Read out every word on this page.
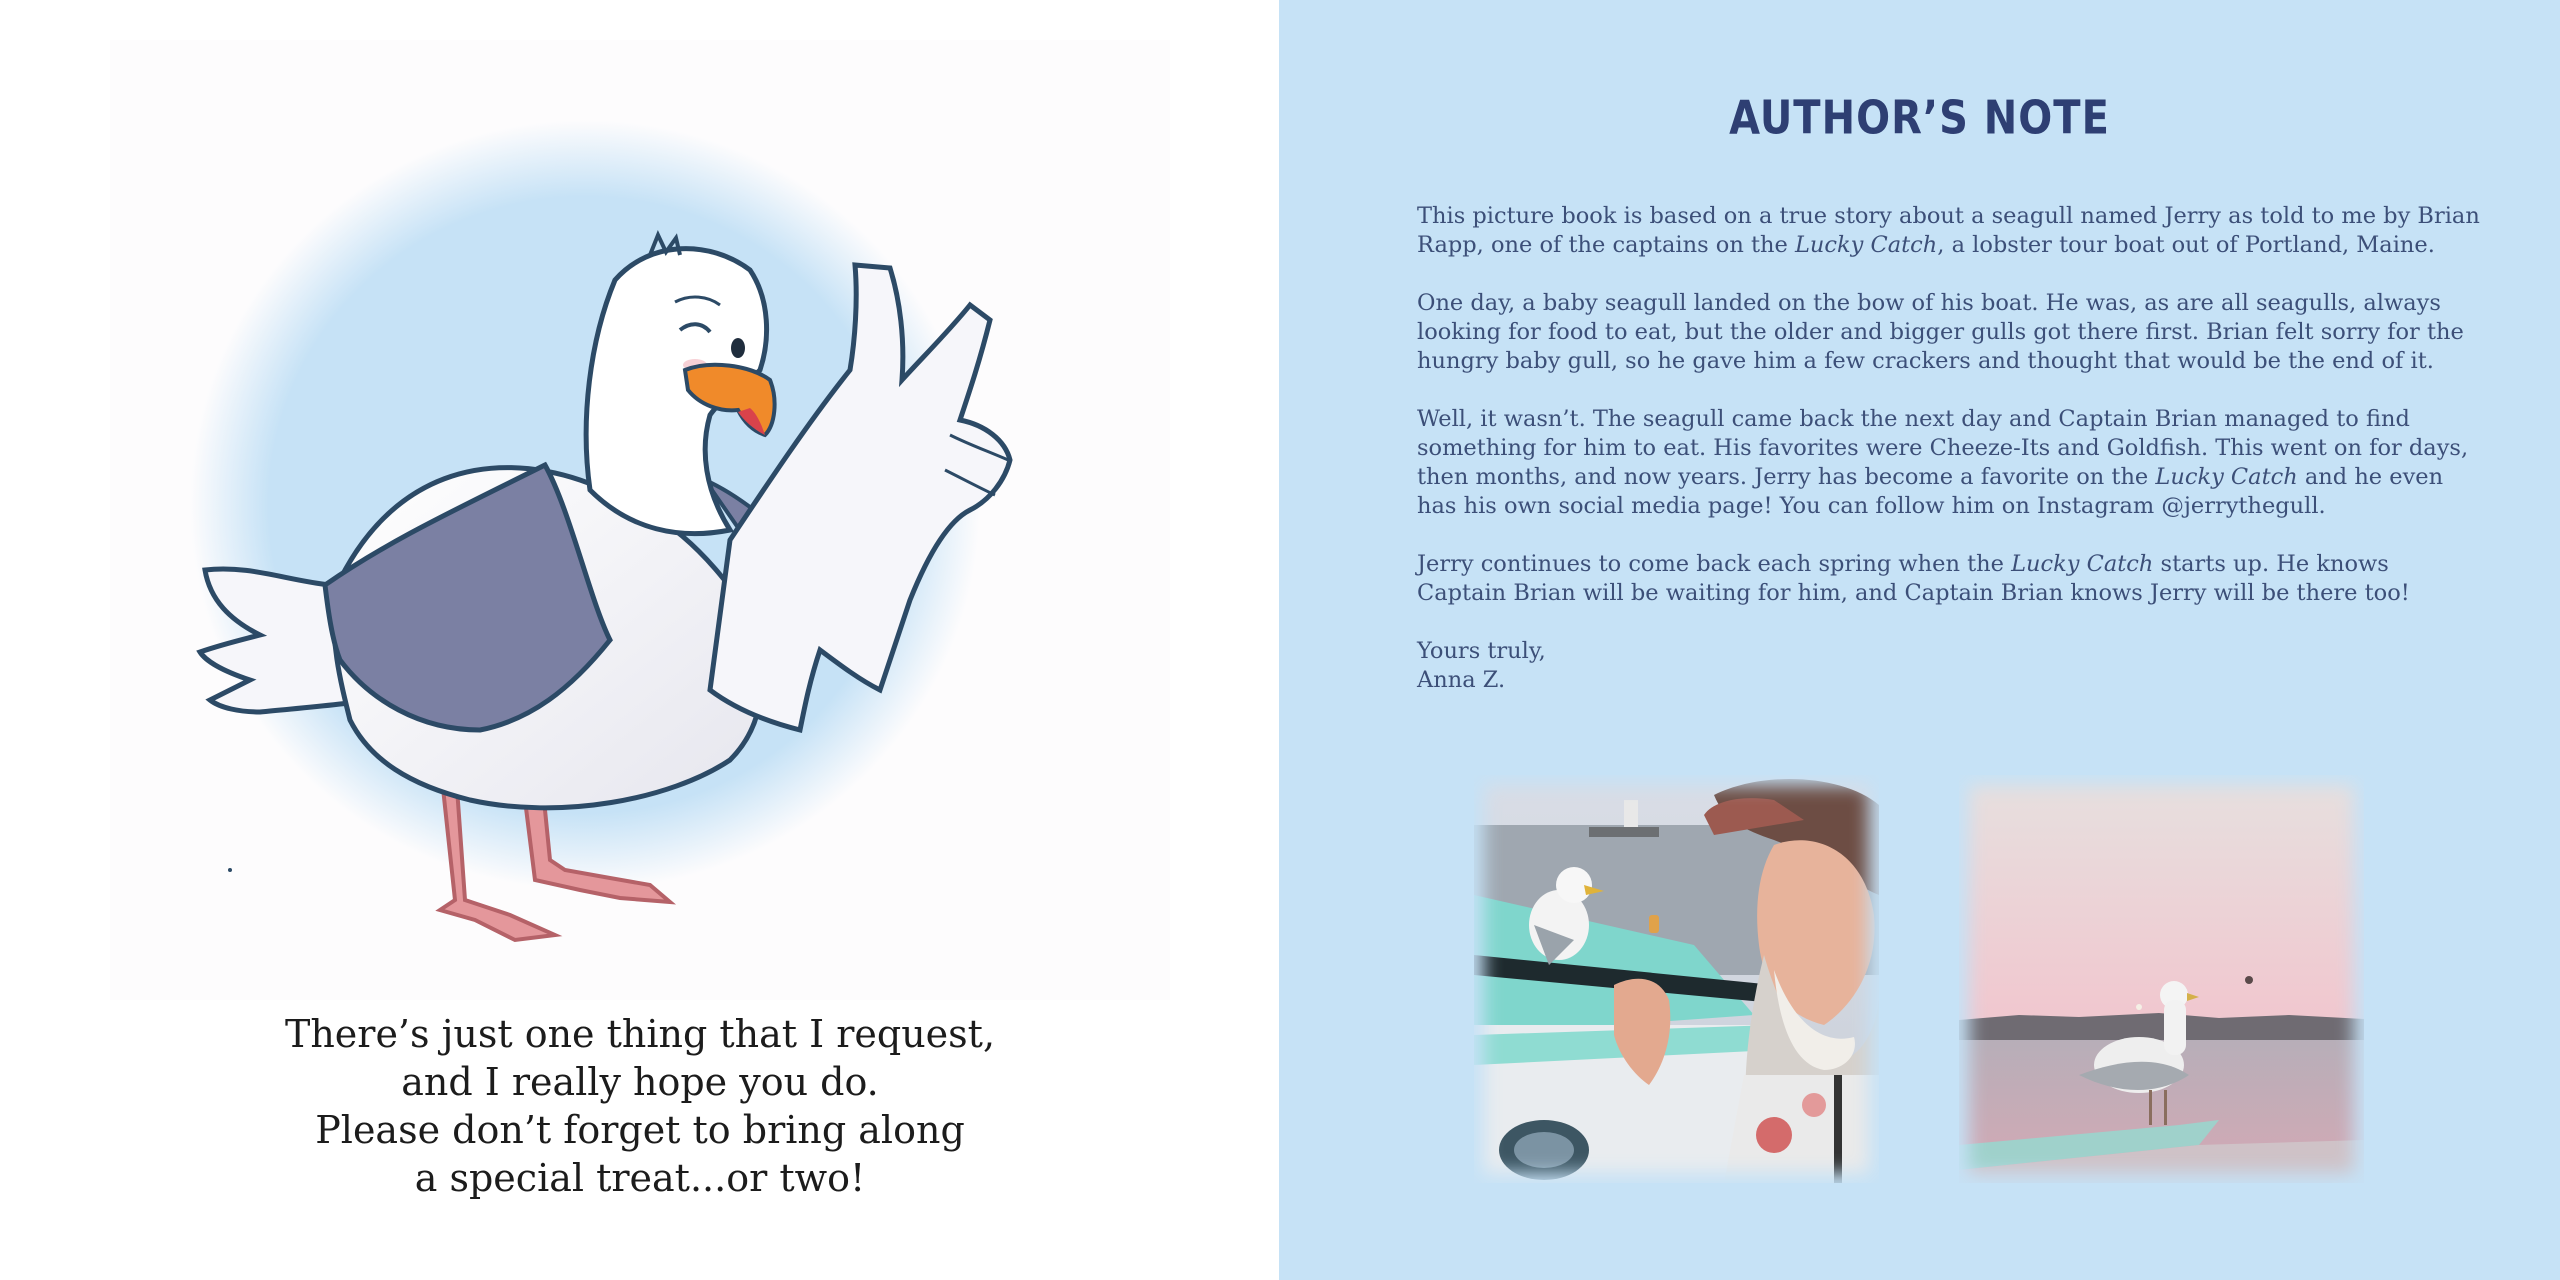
There’s just one thing that I request,
and I really hope you do.
Please don’t forget to bring along
a special treat...or two!
AUTHOR’S NOTE

This picture book is based on a true story about a seagull named Jerry as told to me by Brian
Rapp, one of the captains on the Lucky Catch, a lobster tour boat out of Portland, Maine.

One day, a baby seagull landed on the bow of his boat. He was, as are all seagulls, always
looking for food to eat, but the older and bigger gulls got there first. Brian felt sorry for the
hungry baby gull, so he gave him a few crackers and thought that would be the end of it.

Well, it wasn’t. The seagull came back the next day and Captain Brian managed to find
something for him to eat. His favorites were Cheeze-Its and Goldfish. This went on for days,
then months, and now years. Jerry has become a favorite on the Lucky Catch and he even
has his own social media page! You can follow him on Instagram @jerrythegull.

Jerry continues to come back each spring when the Lucky Catch starts up. He knows
Captain Brian will be waiting for him, and Captain Brian knows Jerry will be there too!

Yours truly,
Anna Z.
